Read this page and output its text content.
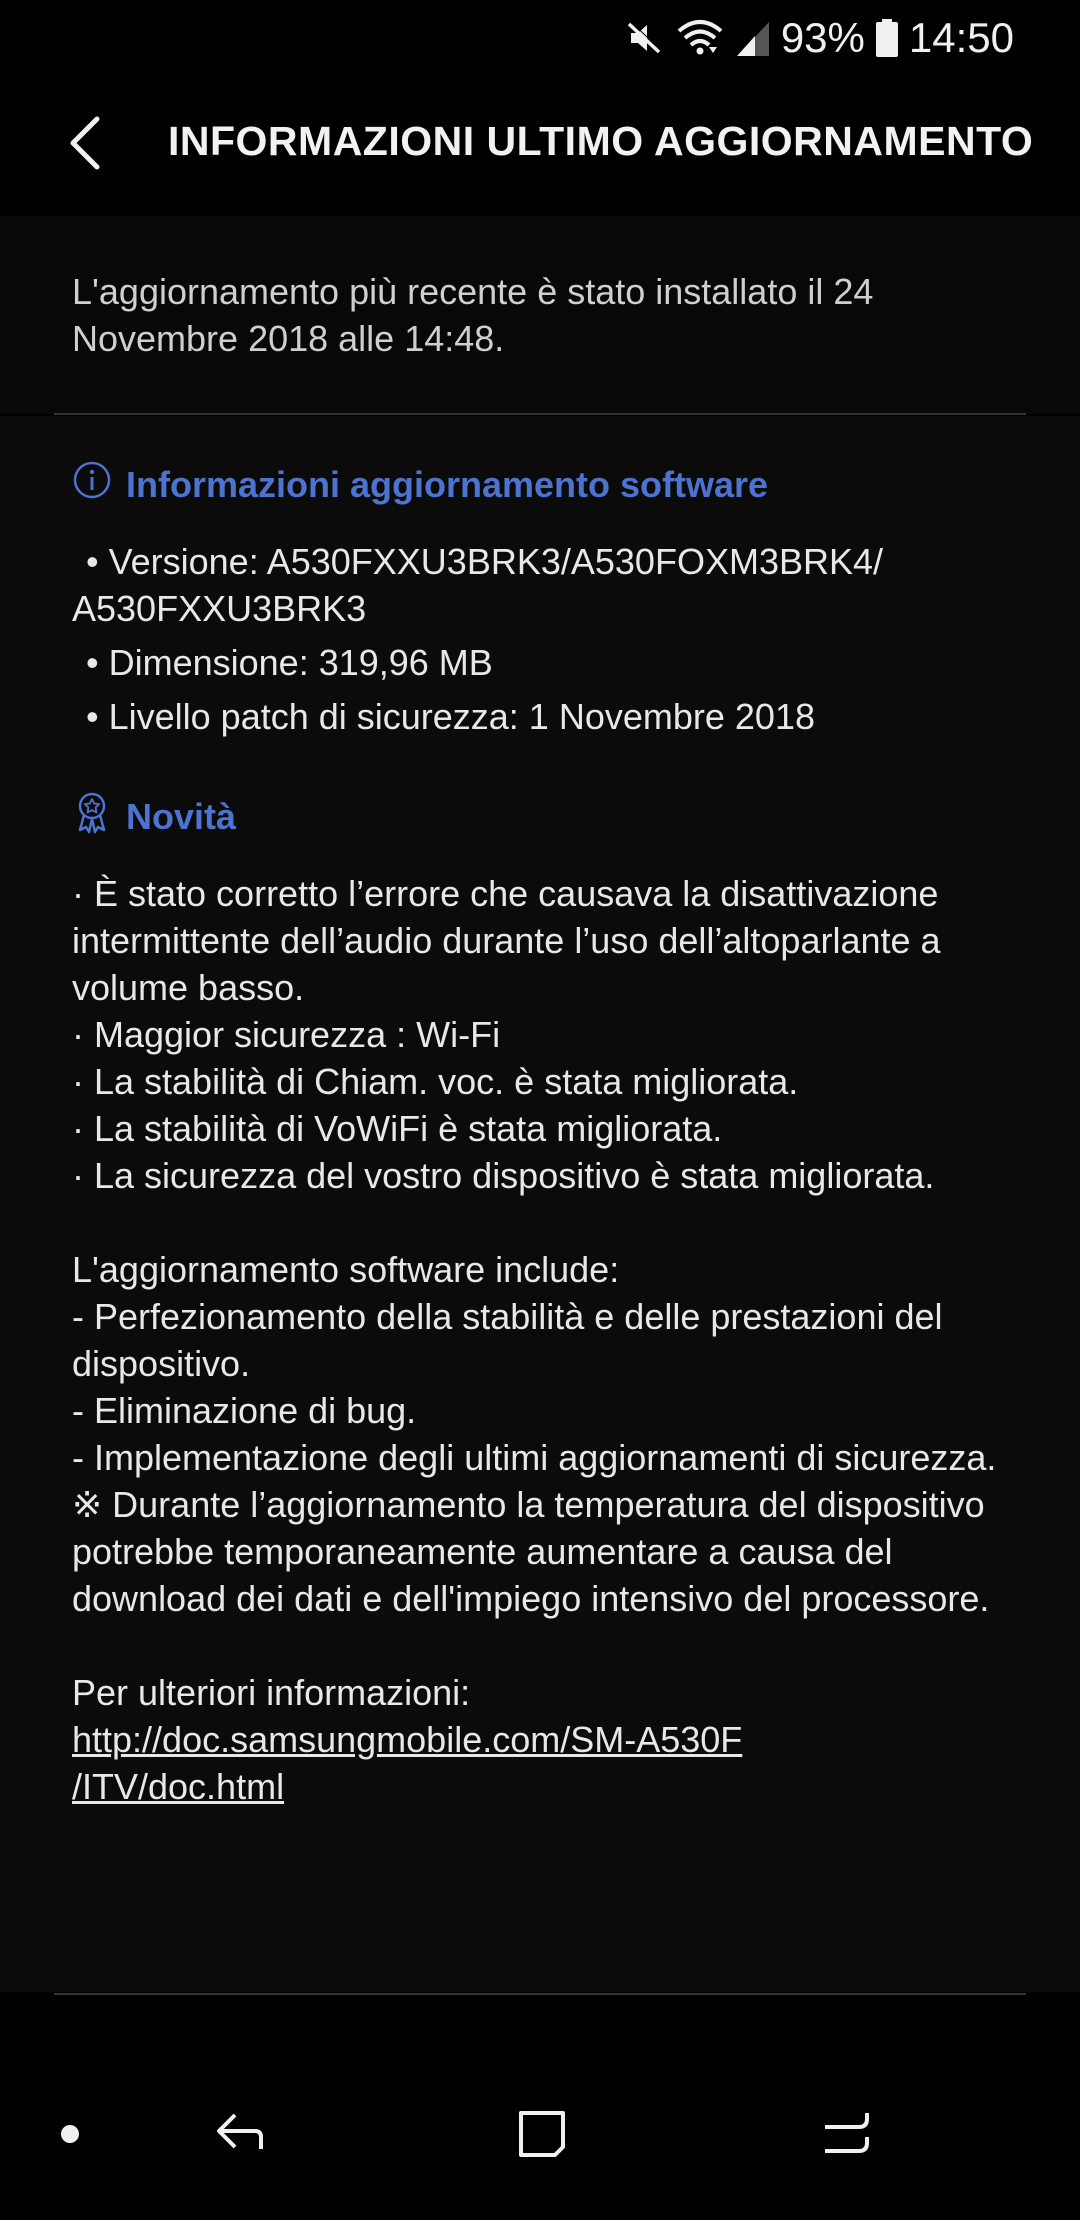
93% 14:50
INFORMAZIONI ULTIMO AGGIORNAMENTO
L'aggiornamento più recente è stato installato il 24 Novembre 2018 alle 14:48.
Informazioni aggiornamento software
• Versione: A530FXXU3BRK3/A530FOXM3BRK4/
A530FXXU3BRK3
• Dimensione: 319,96 MB
• Livello patch di sicurezza: 1 Novembre 2018
Novità

· È stato corretto l’errore che causava la disattivazione intermittente dell’audio durante l’uso dell’altoparlante a volume basso.

· Maggior sicurezza : Wi-Fi

· La stabilità di Chiam. voc. è stata migliorata.

· La stabilità di VoWiFi è stata migliorata.

· La sicurezza del vostro dispositivo è stata migliorata.

L'aggiornamento software include:

- Perfezionamento della stabilità e delle prestazioni del dispositivo.

- Eliminazione di bug.

- Implementazione degli ultimi aggiornamenti di sicurezza.

※ Durante l’aggiornamento la temperatura del dispositivo potrebbe temporaneamente aumentare a causa del download dei dati e dell'impiego intensivo del processore.

Per ulteriori informazioni:

http://doc.samsungmobile.com/SM-A530F
/ITV/doc.html
